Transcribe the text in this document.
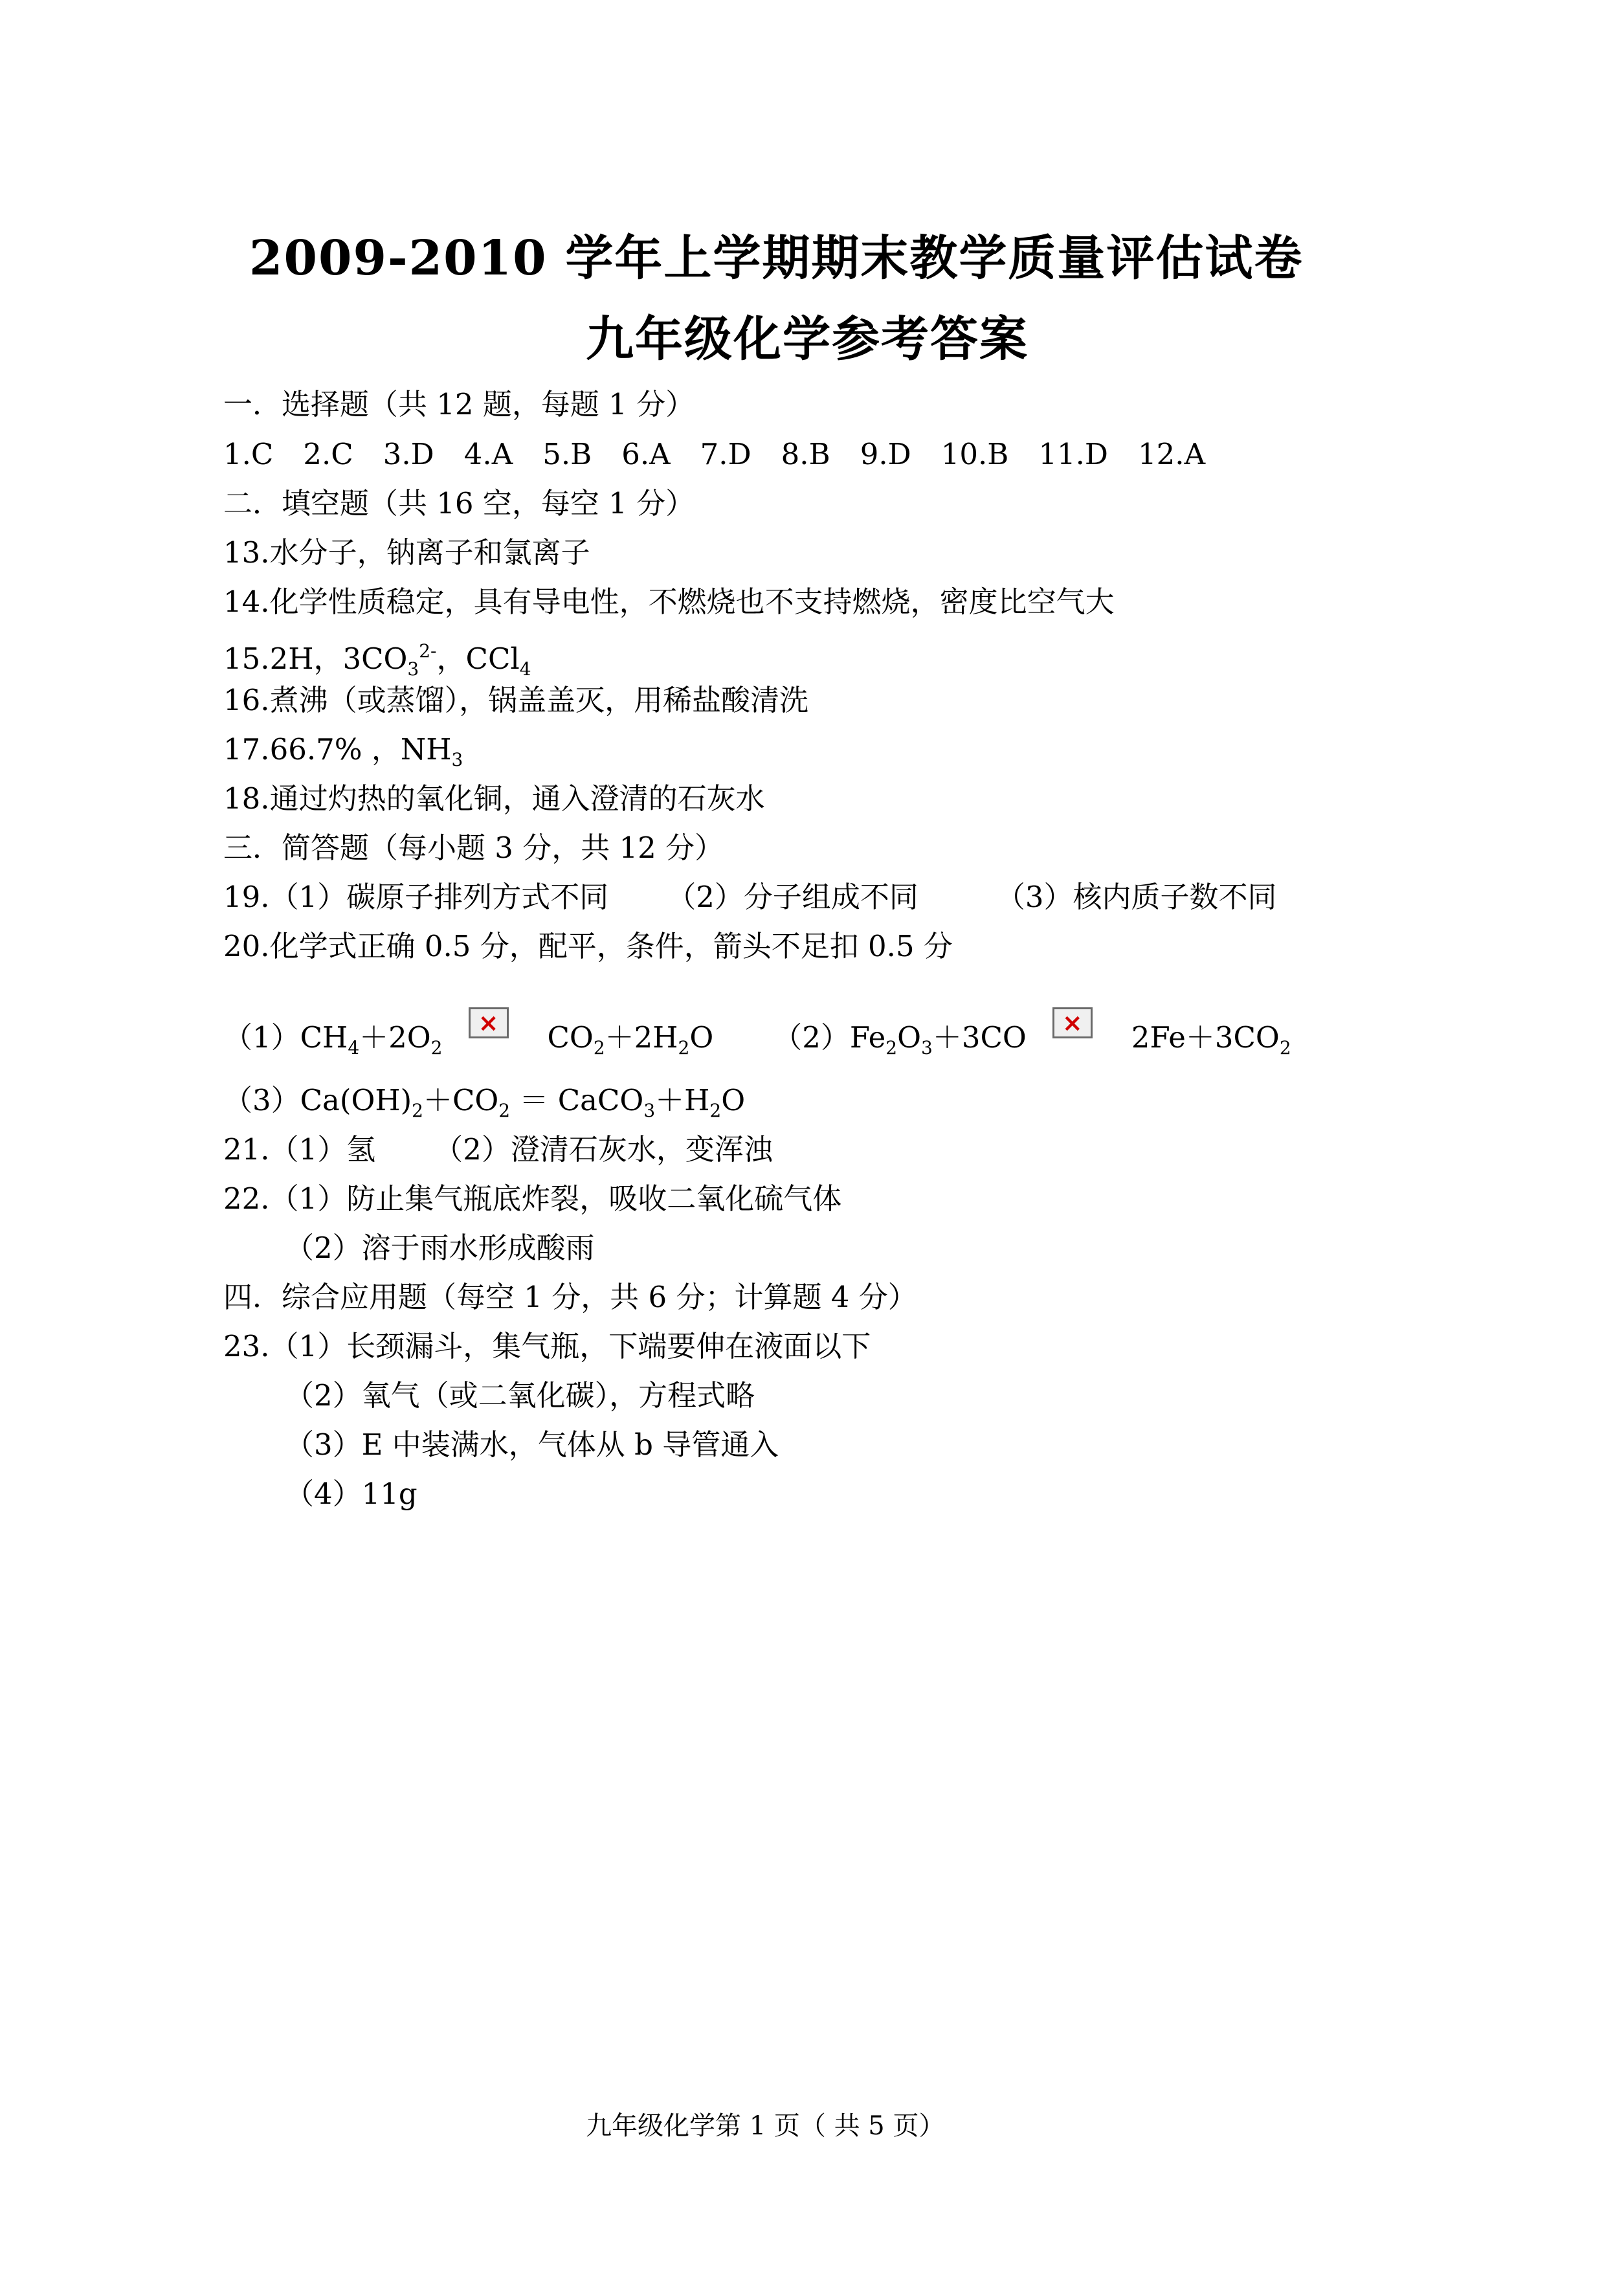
2009-2010 学年上学期期末教学质量评估试卷
九年级化学参考答案
一．选择题（共 12 题，每题 1 分）
1.C 2.C 3.D 4.A 5.B 6.A 7.D 8.B 9.D 10.B 11.D 12.A
二．填空题（共 16 空，每空 1 分）
13.水分子，钠离子和氯离子
14.化学性质稳定，具有导电性，不燃烧也不支持燃烧，密度比空气大
15.2H，$3CO_3^{2-}$，CCl$_4$
16.煮沸（或蒸馏），锅盖盖灭，用稀盐酸清洗
17.66.7% ，$NH_3$
18.通过灼热的氧化铜，通入澄清的石灰水
三．简答题（每小题 3 分，共 12 分）
19.（1）碳原子排列方式不同 （2）分子组成不同	（3）核内质子数不同
20.化学式正确 0.5 分，配平，条件，箭头不足扣 0.5 分
$(1)CH_4+2O_2\times$	$CO_2+2H_2O$ $(2)Fe_2O_3+3CO\times$	$2Fe+3CO_2$
$(3)Ca(OH)_2+CO_2$ ＝ $CaCO_3+H_2O$
21.（1）氢 （2）澄清石灰水，变浑浊
22.（1）防止集气瓶底炸裂，吸收二氧化硫气体
（2）溶于雨水形成酸雨
四．综合应用题（每空 1 分，共 6 分；计算题 4 分）
23.（1）长颈漏斗，集气瓶，下端要伸在液面以下
（2）氧气（或二氧化碳），方程式略
（3）E 中装满水，气体从 b 导管通入
（4）11g
九年级化学第 1 页（ 共 5 页）
